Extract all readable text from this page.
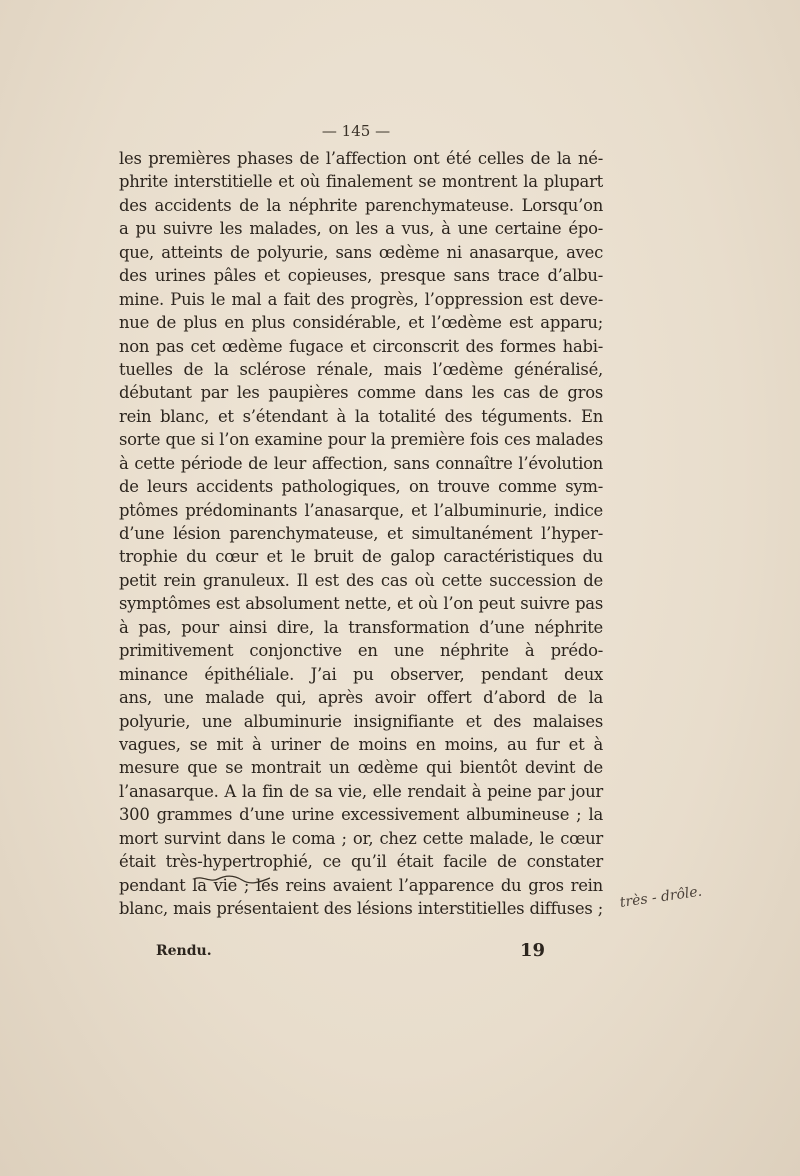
— 145 —
les premières phases de l’affection ont été celles de la né-
phrite interstitielle et où finalement se montrent la plupart
des accidents de la néphrite parenchymateuse. Lorsqu’on
a pu suivre les malades, on les a vus, à une certaine épo-
que, atteints de polyurie, sans œdème ni anasarque, avec
des urines pâles et copieuses, presque sans trace d’albu-
mine. Puis le mal a fait des progrès, l’oppression est deve-
nue de plus en plus considérable, et l’œdème est apparu;
non pas cet œdème fugace et circonscrit des formes habi-
tuelles de la sclérose rénale, mais l’œdème généralisé,
débutant par les paupières comme dans les cas de gros
rein blanc, et s’étendant à la totalité des téguments. En
sorte que si l’on examine pour la première fois ces malades
à cette période de leur affection, sans connaître l’évolution
de leurs accidents pathologiques, on trouve comme sym-
ptômes prédominants l’anasarque, et l’albuminurie, indice
d’une lésion parenchymateuse, et simultanément l’hyper-
trophie du cœur et le bruit de galop caractéristiques du
petit rein granuleux. Il est des cas où cette succession de
symptômes est absolument nette, et où l’on peut suivre pas
à pas, pour ainsi dire, la transformation d’une néphrite
primitivement conjonctive en une néphrite à prédo-
minance épithéliale. J’ai pu observer, pendant deux
ans, une malade qui, après avoir offert d’abord de la
polyurie, une albuminurie insignifiante et des malaises
vagues, se mit à uriner de moins en moins, au fur et à
mesure que se montrait un œdème qui bientôt devint de
l’anasarque. A la fin de sa vie, elle rendait à peine par jour
300 grammes d’une urine excessivement albumineuse ; la
mort survint dans le coma ; or, chez cette malade, le cœur
était très-hypertrophié, ce qu’il était facile de constater
pendant la vie ; les reins avaient l’apparence du gros rein
blanc, mais présentaient des lésions interstitielles diffuses ; très - drôle.
Rendu.	19
